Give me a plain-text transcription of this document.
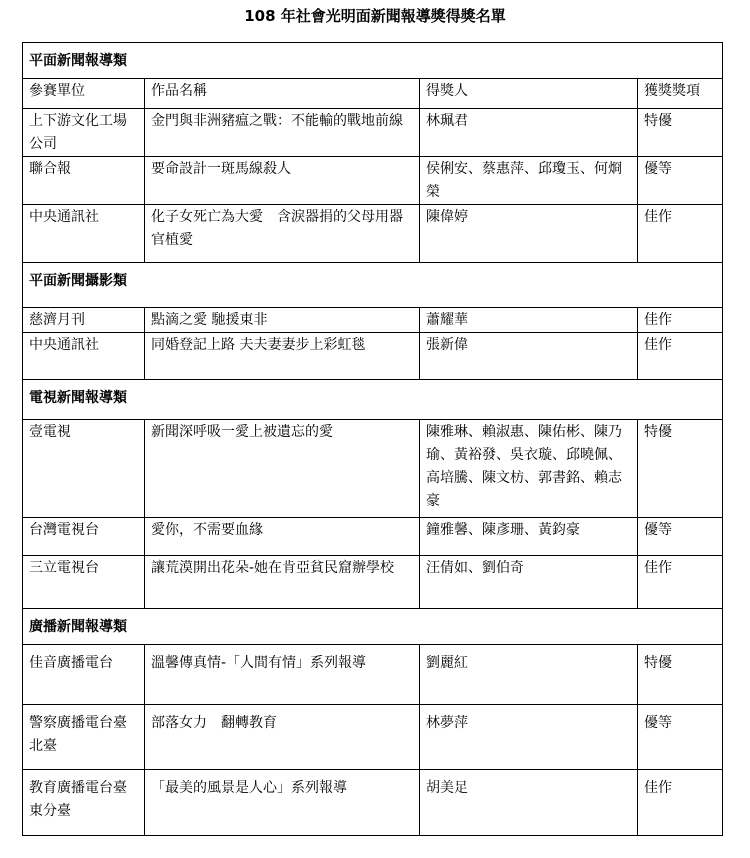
108 年社會光明面新聞報導獎得獎名單
平面新聞報導類			
參賽單位	作品名稱	得獎人	獲獎獎項
上下游文化工場公司	金門與非洲豬瘟之戰：不能輸的戰地前線	林珮君	特優
聯合報	要命設計一斑馬線殺人	侯俐安、蔡惠萍、邱瓊玉、何烱榮	優等
中央通訊社	化子女死亡為大愛　含淚器捐的父母用器官植愛	陳偉婷	佳作
平面新聞攝影類			
慈濟月刊	點滴之愛 馳援東非	蕭耀華	佳作
中央通訊社	同婚登記上路 夫夫妻妻步上彩虹毯	張新偉	佳作
電視新聞報導類			
壹電視	新聞深呼吸一愛上被遺忘的愛	陳雅琳、賴淑惠、陳佑彬、陳乃瑜、黃裕發、吳衣璇、邱曉佩、高培騰、陳文枋、郭書銘、賴志豪	特優
台灣電視台	愛你，不需要血緣	鐘雅馨、陳彥珊、黃鈞豪	優等
三立電視台	讓荒漠開出花朵-她在肯亞貧民窟辦學校	汪倩如、劉伯奇	佳作
廣播新聞報導類			
佳音廣播電台	溫馨傳真情-「人間有情」系列報導	劉麗紅	特優
警察廣播電台臺北臺	部落女力　翻轉教育	林夢萍	優等
教育廣播電台臺東分臺	「最美的風景是人心」系列報導	胡美足	佳作
